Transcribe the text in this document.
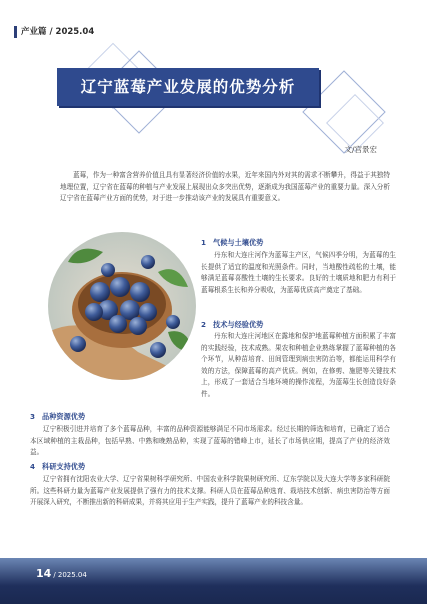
产业篇 / 2025.04
辽宁蓝莓产业发展的优势分析
文/宫景宏

蓝莓，作为一种富含营养价值且具有显著经济价值的水果，近年来国内外对其的需求不断攀升，得益于其独特地理位置，辽宁省在蓝莓的种植与产业发展上展现出众多突出优势，逐渐成为我国蓝莓产业的重要力量。深入分析辽宁省在蓝莓产业方面的优势，对于进一步推动该产业的发展具有重要意义。

1 气候与土壤优势

丹东和大连庄河作为蓝莓主产区，气候四季分明，为蓝莓的生长提供了适宜的温度和光照条件。同时，当地酸性疏松的土壤，能够满足蓝莓喜酸性土壤的生长要求。良好的土壤质地和肥力有利于蓝莓根系生长和养分吸收，为蓝莓优质高产奠定了基础。

2 技术与经验优势

丹东和大连庄河地区在露地和保护地蓝莓种植方面积累了丰富的实践经验，技术成熟。果农和种植企业熟练掌握了蓝莓种植的各个环节，从种苗培育、田间管理到病虫害防治等，都能运用科学有效的方法，保障蓝莓的高产优质。例如，在修剪、施肥等关键技术上，形成了一套适合当地环境的操作流程，为蓝莓生长创造良好条件。

3 品种资源优势

辽宁积极引进并培育了多个蓝莓品种，丰富的品种资源能够满足不同市场需求。经过长期的筛选和培育，已确定了适合本区域种植的主栽品种，包括早熟、中熟和晚熟品种，实现了蓝莓的错峰上市，延长了市场供应期，提高了产业的经济效益。

4 科研支持优势

辽宁省拥有沈阳农业大学、辽宁省果树科学研究所、中国农业科学院果树研究所、辽东学院以及大连大学等多家科研院所。这些科研力量为蓝莓产业发展提供了强有力的技术支撑。科研人员在蓝莓品种选育、栽培技术创新、病虫害防治等方面开展深入研究，不断推出新的科研成果，并将其应用于生产实践，提升了蓝莓产业的科技含量。

14 / 2025.04
